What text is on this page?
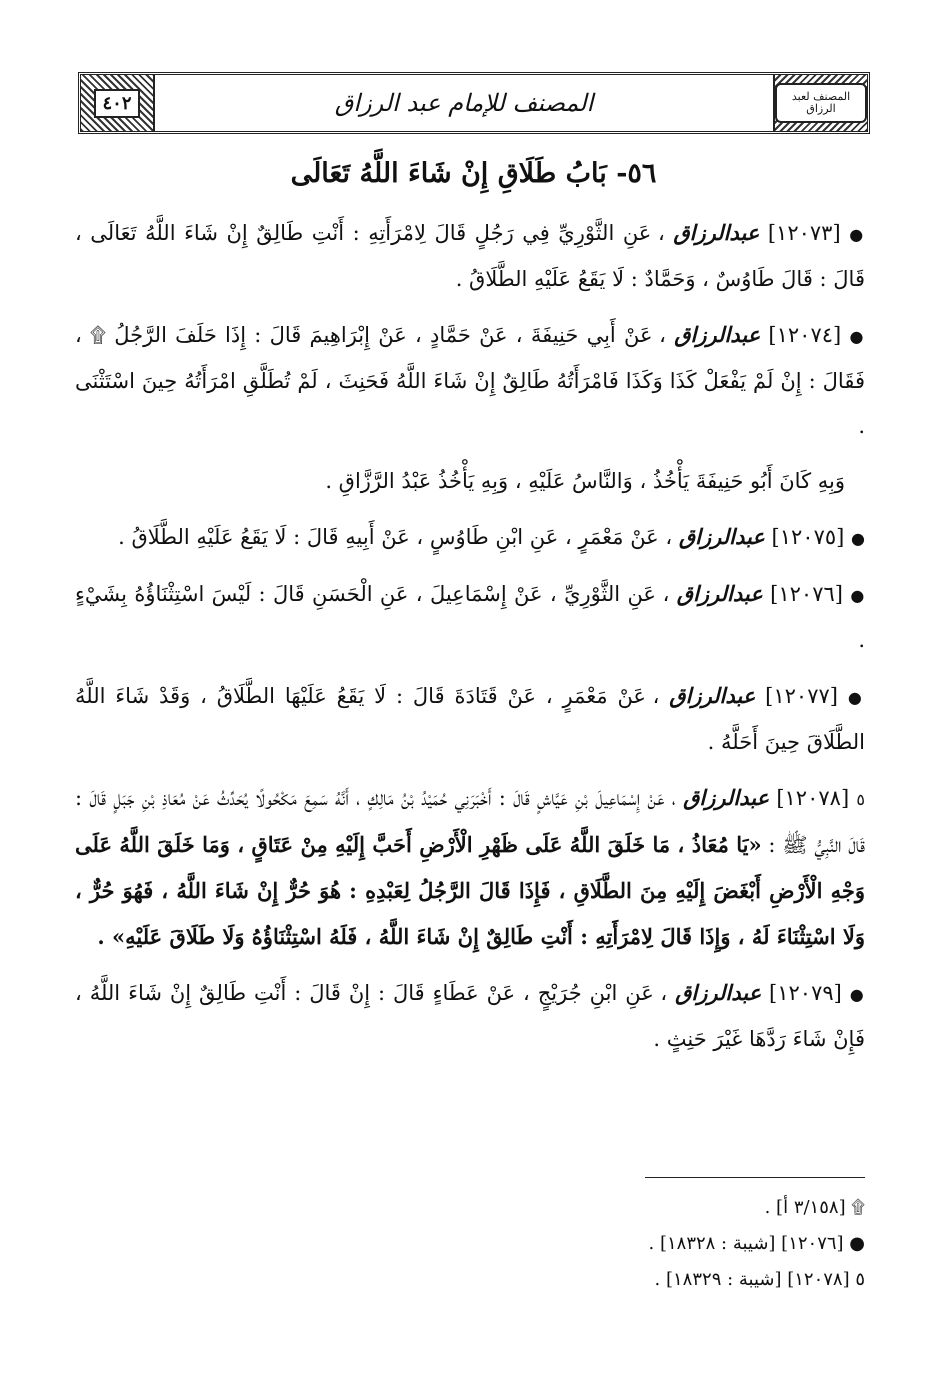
٤٠٢	المصنف للإمام عبد الرزاق	المصنف لعبد الرزاق
٥٦- بَابُ طَلَاقِ إِنْ شَاءَ اللَّهُ تَعَالَى

● [١٢٠٧٣] عبدالرزاق ، عَنِ الثَّوْرِيِّ فِي رَجُلٍ قَالَ لِامْرَأَتِهِ : أَنْتِ طَالِقٌ إِنْ شَاءَ اللَّهُ تَعَالَى ، قَالَ : قَالَ طَاوُسٌ ، وَحَمَّادٌ : لَا يَقَعُ عَلَيْهِ الطَّلَاقُ .

● [١٢٠٧٤] عبدالرزاق ، عَنْ أَبِي حَنِيفَةَ ، عَنْ حَمَّادٍ ، عَنْ إِبْرَاهِيمَ قَالَ : إِذَا حَلَفَ الرَّجُلُ ۩ ، فَقَالَ : إِنْ لَمْ يَفْعَلْ كَذَا وَكَذَا فَامْرَأَتُهُ طَالِقٌ إِنْ شَاءَ اللَّهُ فَحَنِثَ ، لَمْ تُطَلَّقِ امْرَأَتُهُ حِينَ اسْتَثْنَى .

وَبِهِ كَانَ أَبُو حَنِيفَةَ يَأْخُذُ ، وَالنَّاسُ عَلَيْهِ ، وَبِهِ يَأْخُذُ عَبْدُ الرَّزَّاقِ .

● [١٢٠٧٥] عبدالرزاق ، عَنْ مَعْمَرٍ ، عَنِ ابْنِ طَاوُسٍ ، عَنْ أَبِيهِ قَالَ : لَا يَقَعُ عَلَيْهِ الطَّلَاقُ .

● [١٢٠٧٦] عبدالرزاق ، عَنِ الثَّوْرِيِّ ، عَنْ إِسْمَاعِيلَ ، عَنِ الْحَسَنِ قَالَ : لَيْسَ اسْتِثْنَاؤُهُ بِشَيْءٍ .

● [١٢٠٧٧] عبدالرزاق ، عَنْ مَعْمَرٍ ، عَنْ قَتَادَةَ قَالَ : لَا يَقَعُ عَلَيْهَا الطَّلَاقُ ، وَقَدْ شَاءَ اللَّهُ الطَّلَاقَ حِينَ أَحَلَّهُ .

٥ [١٢٠٧٨] عبدالرزاق ، عَنْ إِسْمَاعِيلَ بْنِ عَيَّاشٍ قَالَ : أَخْبَرَنِي حُمَيْدُ بْنُ مَالِكٍ ، أَنَّهُ سَمِعَ مَكْحُولًا يُحَدِّثُ عَنْ مُعَاذِ بْنِ جَبَلٍ قَالَ : قَالَ النَّبِيُّ ﷺ : «يَا مُعَاذُ ، مَا خَلَقَ اللَّهُ عَلَى ظَهْرِ الْأَرْضِ أَحَبَّ إِلَيْهِ مِنْ عَتَاقٍ ، وَمَا خَلَقَ اللَّهُ عَلَى وَجْهِ الْأَرْضِ أَبْغَضَ إِلَيْهِ مِنَ الطَّلَاقِ ، فَإِذَا قَالَ الرَّجُلُ لِعَبْدِهِ : هُوَ حُرٌّ إِنْ شَاءَ اللَّهُ ، فَهُوَ حُرٌّ ، وَلَا اسْتِثْنَاءَ لَهُ ، وَإِذَا قَالَ لِامْرَأَتِهِ : أَنْتِ طَالِقٌ إِنْ شَاءَ اللَّهُ ، فَلَهُ اسْتِثْنَاؤُهُ وَلَا طَلَاقَ عَلَيْهِ» .

● [١٢٠٧٩] عبدالرزاق ، عَنِ ابْنِ جُرَيْجٍ ، عَنْ عَطَاءٍ قَالَ : إِنْ قَالَ : أَنْتِ طَالِقٌ إِنْ شَاءَ اللَّهُ ، فَإِنْ شَاءَ رَدَّهَا غَيْرَ حَنِثٍ .

۩ [٣/١٥٨ أ] .
● [١٢٠٧٦] [شيبة : ١٨٣٢٨] .
٥ [١٢٠٧٨] [شيبة : ١٨٣٢٩] .
